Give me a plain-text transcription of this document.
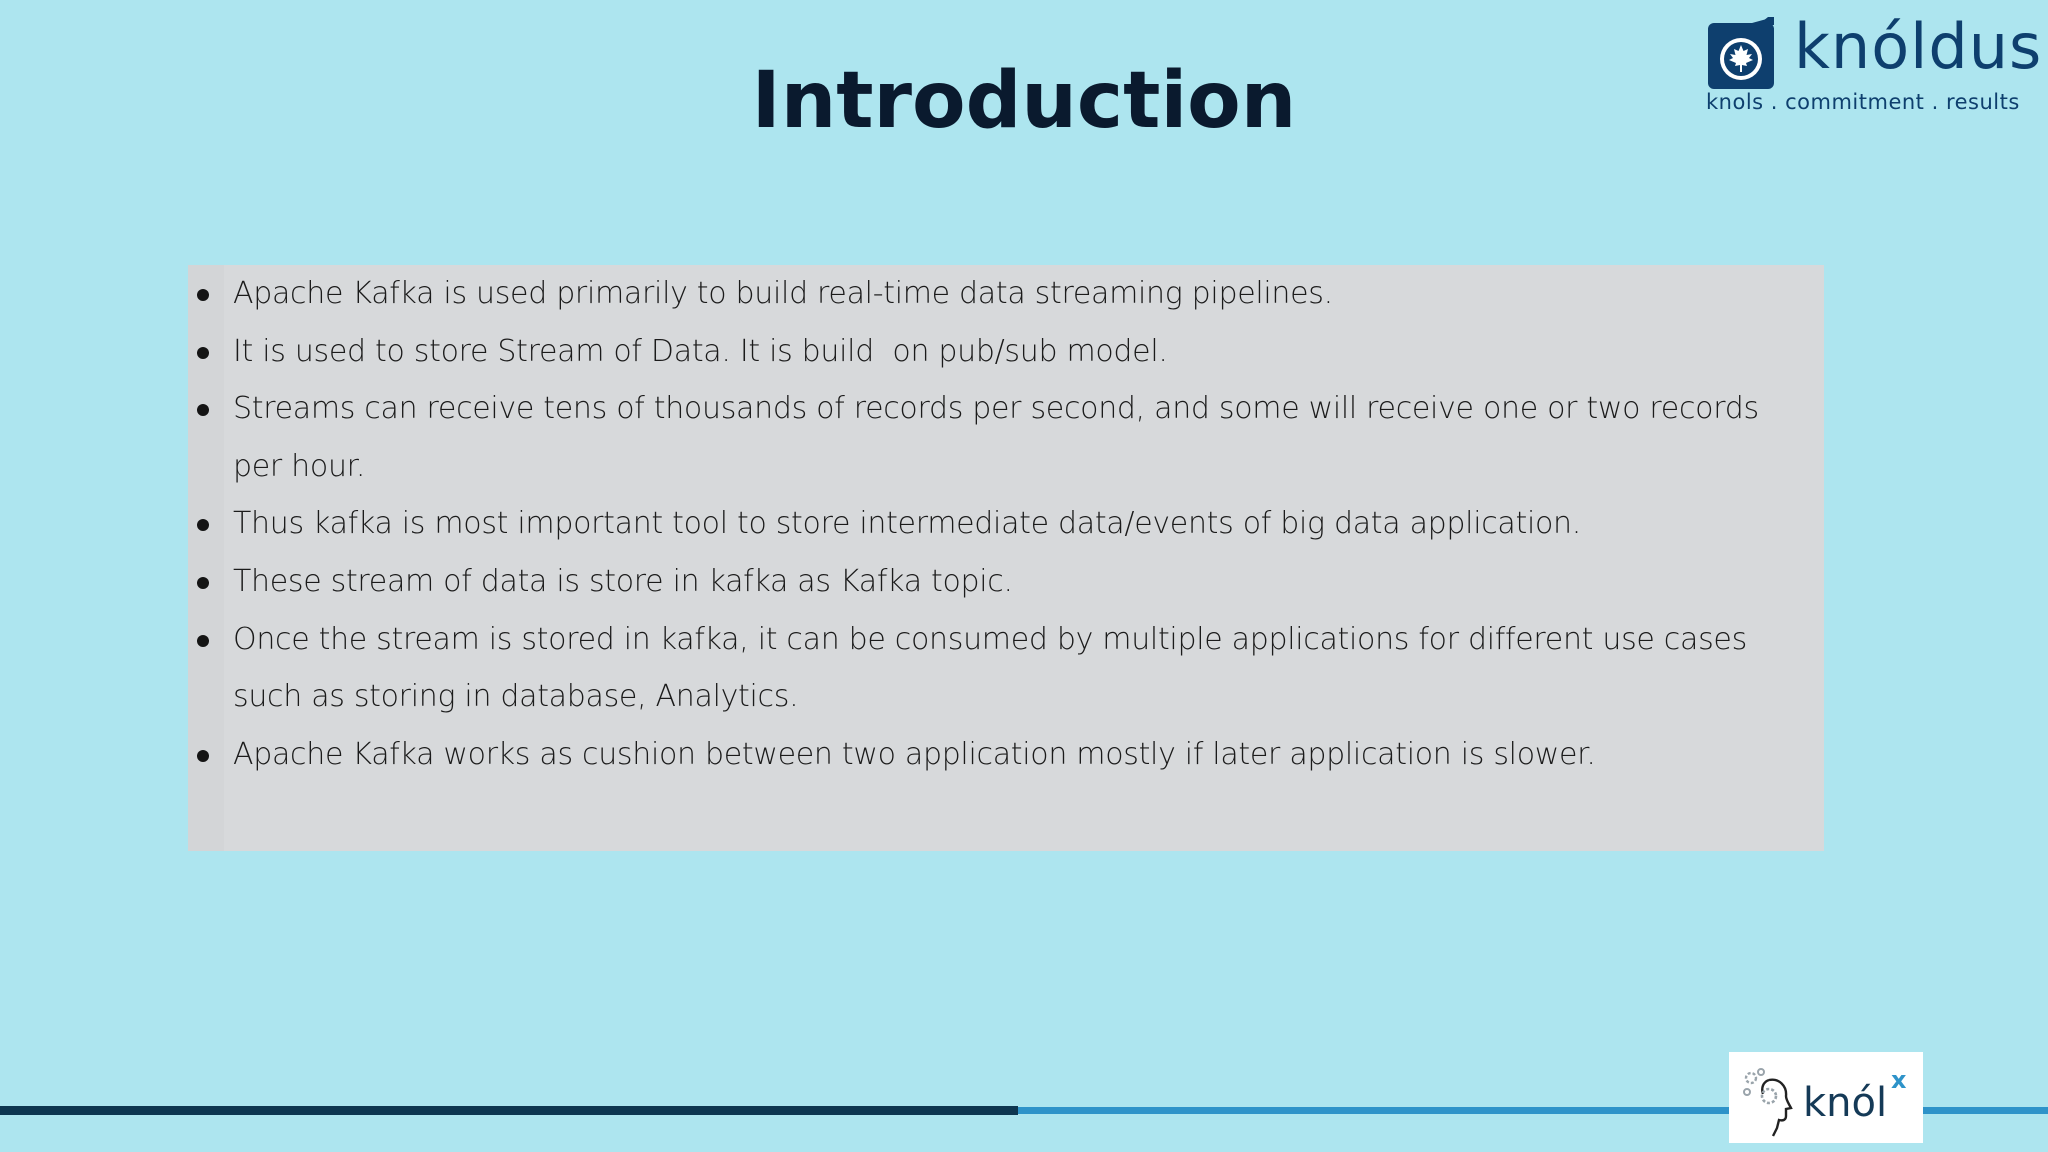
Introduction
knóldus
knols . commitment . results
Apache Kafka is used primarily to build real-time data streaming pipelines.
It is used to store Stream of Data. It is build  on pub/sub model.
Streams can receive tens of thousands of records per second, and some will receive one or two records per hour.
Thus kafka is most important tool to store intermediate data/events of big data application.
These stream of data is store in kafka as Kafka topic.
Once the stream is stored in kafka, it can be consumed by multiple applications for different use cases such as storing in database, Analytics.
Apache Kafka works as cushion between two application mostly if later application is slower.
knól x
